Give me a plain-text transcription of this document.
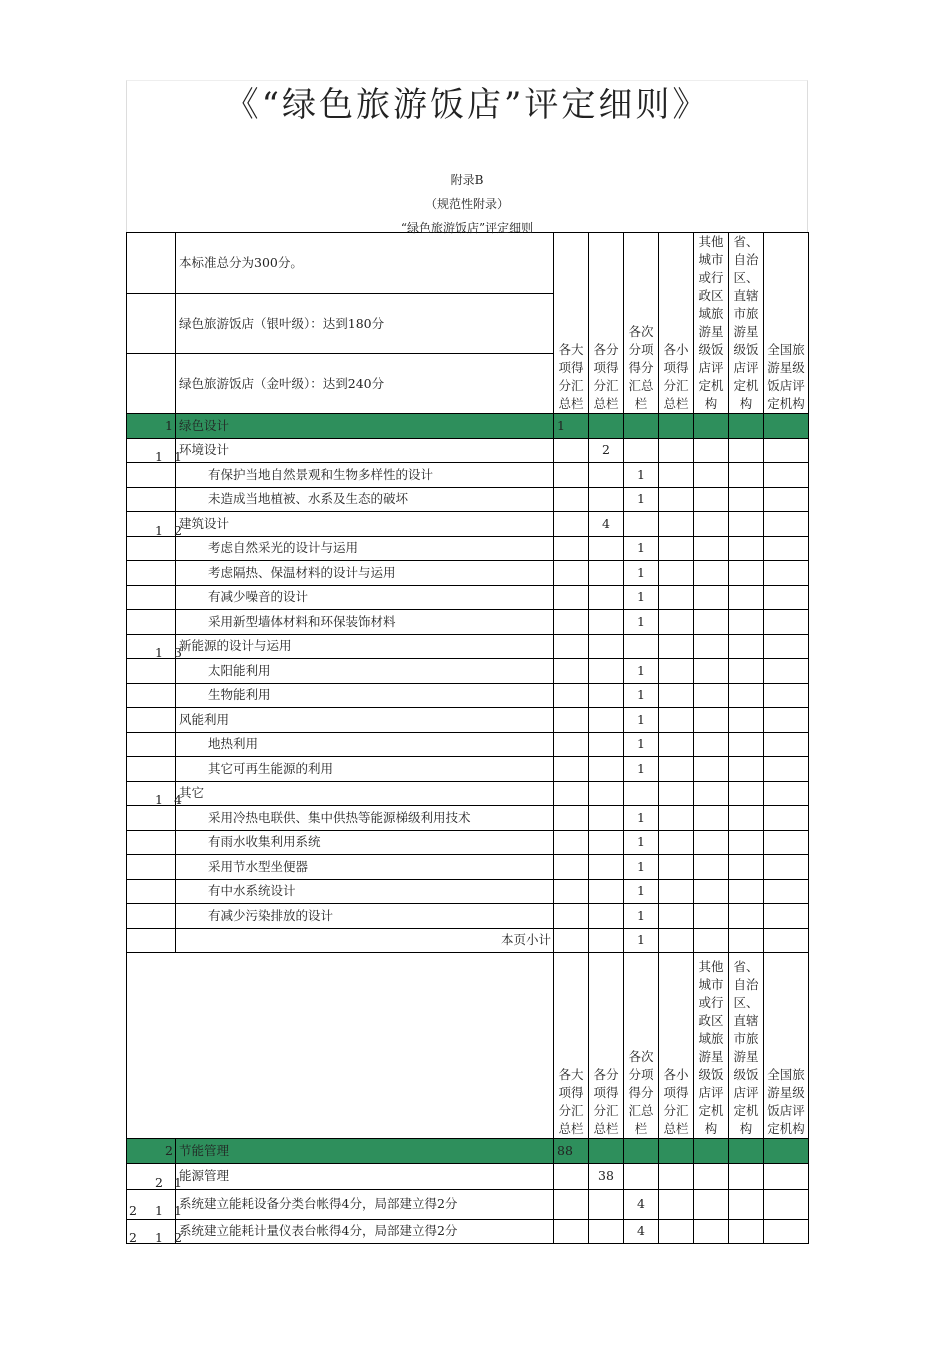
《“绿色旅游饭店”评定细则》
附录B
（规范性附录）
“绿色旅游饭店”评定细则
	本标准总分为300分。	各大项得分汇总栏	各分项得分汇总栏	各次分项得分汇总栏	各小项得分汇总栏	其他城市或行政区域旅游星级饭店评定机构	省、自治区、直辖市旅游星级饭店评定机构	全国旅游星级饭店评定机构
	绿色旅游饭店（银叶级）：达到180分							
	绿色旅游饭店（金叶级）：达到240分							
1	绿色设计	1						

1 1	环境设计		2					
	有保护当地自然景观和生物多样性的设计			1				
	未造成当地植被、水系及生态的破坏			1				

1 2	建筑设计		4					
	考虑自然采光的设计与运用			1				
	考虑隔热、保温材料的设计与运用			1				
	有减少噪音的设计			1				
	采用新型墙体材料和环保装饰材料			1				

1 3	新能源的设计与运用							
	太阳能利用			1				
	生物能利用			1				
	风能利用			1				
	地热利用			1				
	其它可再生能源的利用			1				

1 4	其它							
	采用冷热电联供、集中供热等能源梯级利用技术			1				
	有雨水收集利用系统			1				
	采用节水型坐便器			1				
	有中水系统设计			1				
	有减少污染排放的设计			1				
	本页小计			1				
		各大项得分汇总栏	各分项得分汇总栏	各次分项得分汇总栏	各小项得分汇总栏	其他城市或行政区域旅游星级饭店评定机构	省、自治区、直辖市旅游星级饭店评定机构	全国旅游星级饭店评定机构
2	节能管理	88						

2 1	能源管理		38					

2 1 1	系统建立能耗设备分类台帐得4分，局部建立得2分			4				

2 1 2	系统建立能耗计量仪表台帐得4分，局部建立得2分			4				
